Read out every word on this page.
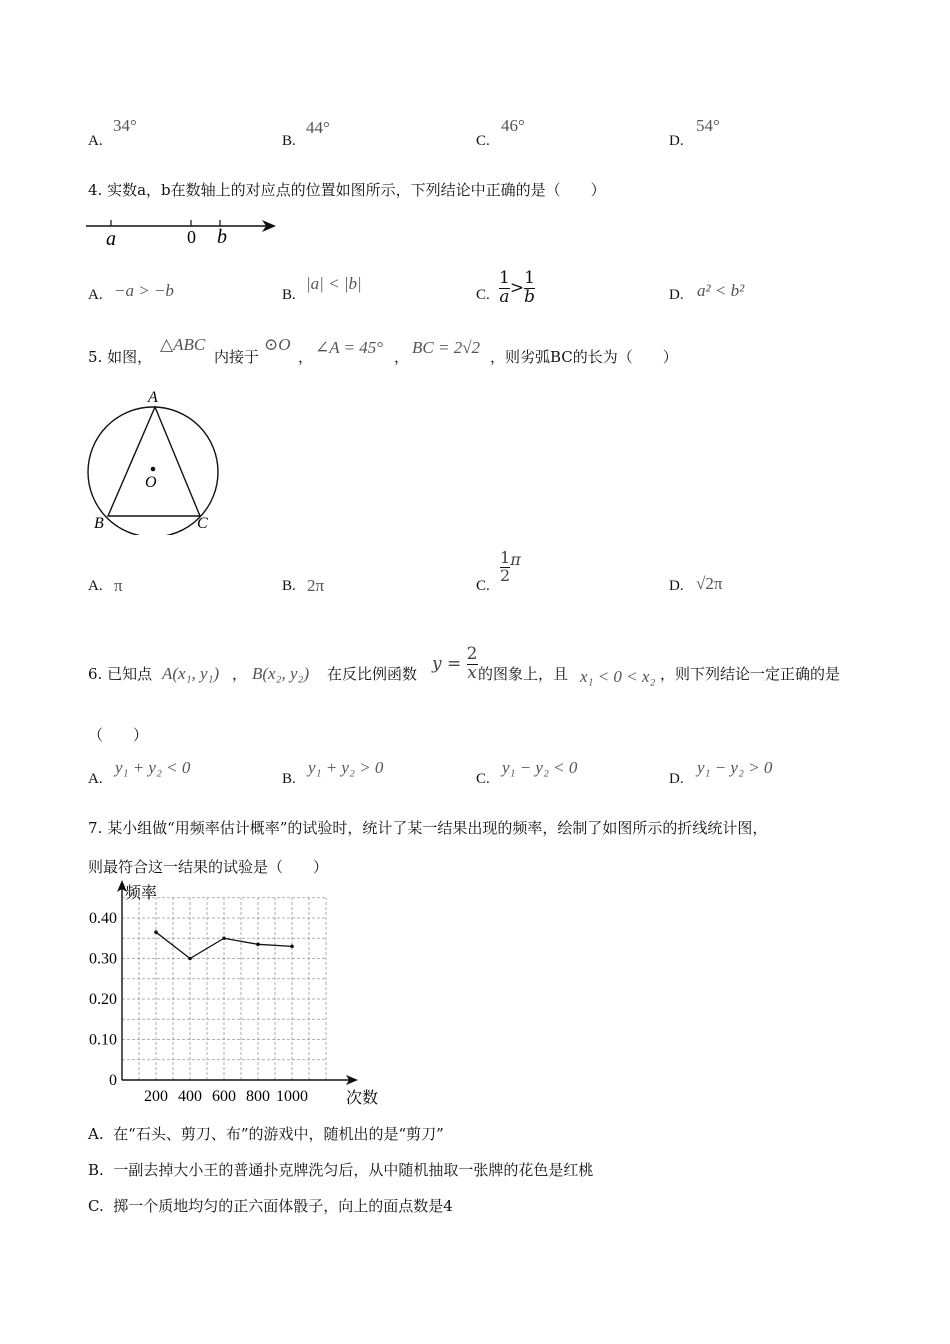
A.
34°
B.
44°
C.
46°
D.
54°
4. 实数a，b在数轴上的对应点的位置如图所示，下列结论中正确的是（　　）
a	0 b
A. −a > −b	B.
|a| < |b|
C. $\frac{1}{a} > \frac{1}{b}$	D. a² < b²
5. 如图，
△ABC
内接于
⊙O
， ∠A = 45° ， BC = 2√2 ，则劣弧BC的长为（　　）
A
B	C
O
A. π	B. 2π	C.
$\frac{1}{2}$ π
D. √2π
6. 已知点 A(x₁, y₁) ， B(x₂, y₂) 在反比例函数
$y = \frac{2}{x}$ 的图象上，且 x₁ < 0 < x₂ ，则下列结论一定正确的是
（　　）
A.
y₁ + y₂ < 0
B.
y₁ + y₂ > 0
C.
y₁ − y₂ < 0
D.
y₁ − y₂ > 0
7. 某小组做“用频率估计概率”的试验时，统计了某一结果出现的频率，绘制了如图所示的折线统计图，
则最符合这一结果的试验是（　　）
0
0.10
0.20
0.30
0.40
200 400 600 800 1000
频率
次数
A. 在“石头、剪刀、布”的游戏中，随机出的是“剪刀”
B. 一副去掉大小王的普通扑克牌洗匀后，从中随机抽取一张牌的花色是红桃
C. 掷一个质地均匀的正六面体骰子，向上的面点数是4
